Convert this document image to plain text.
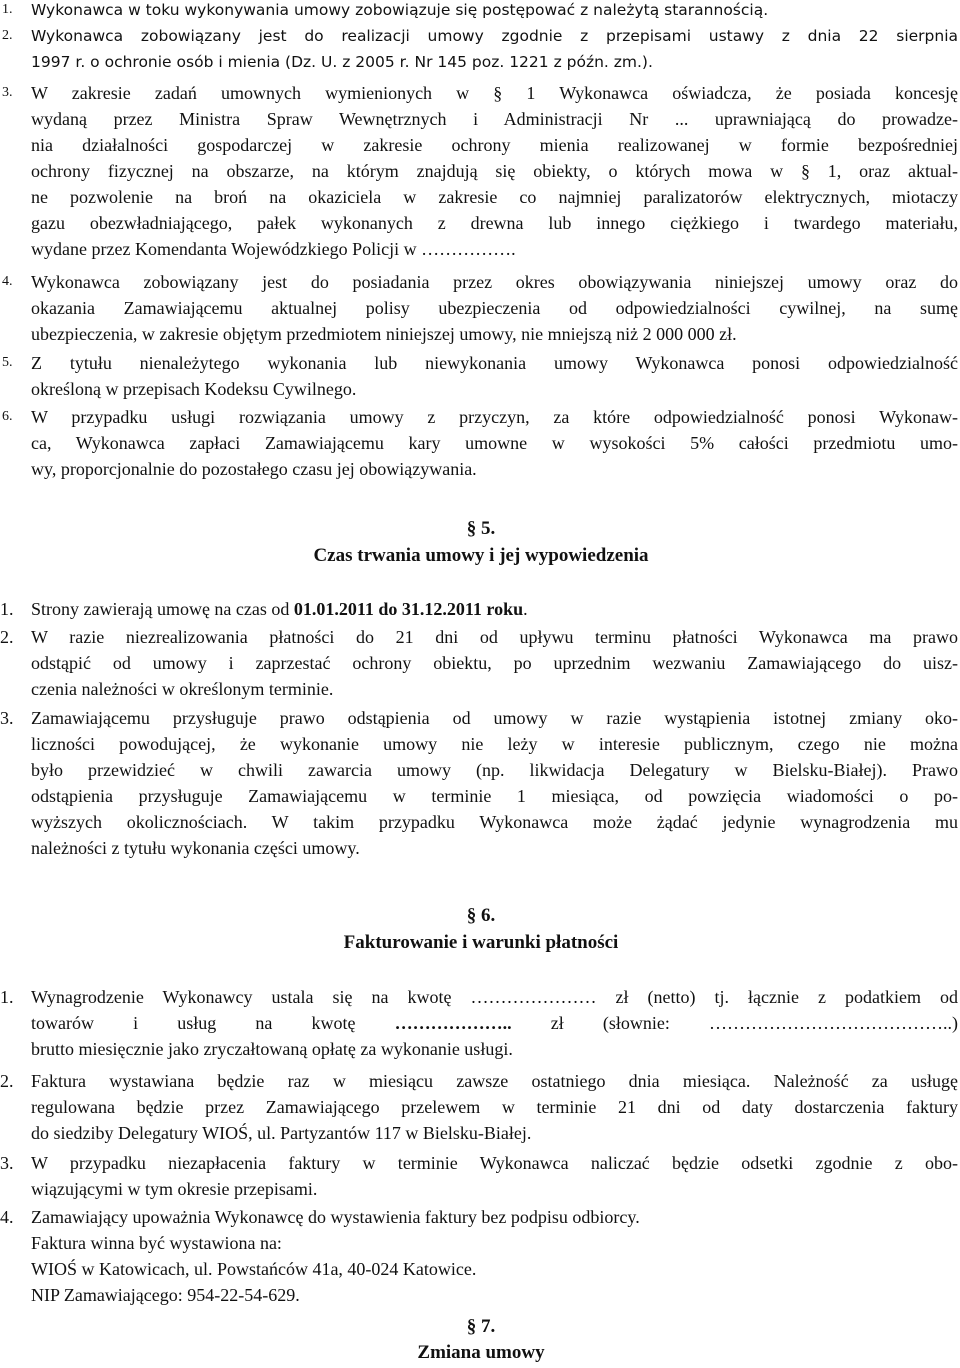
1. Wykonawca w toku wykonywania umowy zobowiązuje się postępować z należytą starannością.
2. Wykonawca zobowiązany jest do realizacji umowy zgodnie z przepisami ustawy z dnia 22 sierpnia
1997 r. o ochronie osób i mienia (Dz. U. z 2005 r. Nr 145 poz. 1221 z późn. zm.).
3. W zakresie zadań umownych wymienionych w § 1 Wykonawca oświadcza, że posiada koncesję
wydaną przez Ministra Spraw Wewnętrznych i Administracji Nr ... uprawniającą do prowadze-
nia działalności gospodarczej w zakresie ochrony mienia realizowanej w formie bezpośredniej
ochrony fizycznej na obszarze, na którym znajdują się obiekty, o których mowa w § 1, oraz aktual-
ne pozwolenie na broń na okaziciela w zakresie co najmniej paralizatorów elektrycznych, miotaczy
gazu obezwładniającego, pałek wykonanych z drewna lub innego ciężkiego i twardego materiału,
wydane przez Komendanta Wojewódzkiego Policji w …………….
4. Wykonawca zobowiązany jest do posiadania przez okres obowiązywania niniejszej umowy oraz do
okazania Zamawiającemu aktualnej polisy ubezpieczenia od odpowiedzialności cywilnej, na sumę
ubezpieczenia, w zakresie objętym przedmiotem niniejszej umowy, nie mniejszą niż 2 000 000 zł.
5. Z tytułu nienależytego wykonania lub niewykonania umowy Wykonawca ponosi odpowiedzialność
określoną w przepisach Kodeksu Cywilnego.
6. W przypadku usługi rozwiązania umowy z przyczyn, za które odpowiedzialność ponosi Wykonaw-
ca, Wykonawca zapłaci Zamawiającemu kary umowne w wysokości 5% całości przedmiotu umo-
wy, proporcjonalnie do pozostałego czasu jej obowiązywania.
§ 5.
Czas trwania umowy i jej wypowiedzenia
1. Strony zawierają umowę na czas od 01.01.2011 do 31.12.2011 roku.
2. W razie niezrealizowania płatności do 21 dni od upływu terminu płatności Wykonawca ma prawo
odstąpić od umowy i zaprzestać ochrony obiektu, po uprzednim wezwaniu Zamawiającego do uisz-
czenia należności w określonym terminie.
3. Zamawiającemu przysługuje prawo odstąpienia od umowy w razie wystąpienia istotnej zmiany oko-
liczności powodującej, że wykonanie umowy nie leży w interesie publicznym, czego nie można
było przewidzieć w chwili zawarcia umowy (np. likwidacja Delegatury w Bielsku-Białej). Prawo
odstąpienia przysługuje Zamawiającemu w terminie 1 miesiąca, od powzięcia wiadomości o po-
wyższych okolicznościach. W takim przypadku Wykonawca może żądać jedynie wynagrodzenia mu
należności z tytułu wykonania części umowy.
§ 6.
Fakturowanie i warunki płatności
1. Wynagrodzenie Wykonawcy ustala się na kwotę ………………… zł (netto) tj. łącznie z podatkiem od
towarów i usług na kwotę ……………….. zł (słownie: …………………………………..)
brutto miesięcznie jako zryczałtowaną opłatę za wykonanie usługi.
2. Faktura wystawiana będzie raz w miesiącu zawsze ostatniego dnia miesiąca. Należność za usługę
regulowana będzie przez Zamawiającego przelewem w terminie 21 dni od daty dostarczenia faktury
do siedziby Delegatury WIOŚ, ul. Partyzantów 117 w Bielsku-Białej.
3. W przypadku niezapłacenia faktury w terminie Wykonawca naliczać będzie odsetki zgodnie z obo-
wiązującymi w tym okresie przepisami.
4. Zamawiający upoważnia Wykonawcę do wystawienia faktury bez podpisu odbiorcy.
Faktura winna być wystawiona na:
WIOŚ w Katowicach, ul. Powstańców 41a, 40-024 Katowice.
NIP Zamawiającego: 954-22-54-629.
§ 7.
Zmiana umowy
